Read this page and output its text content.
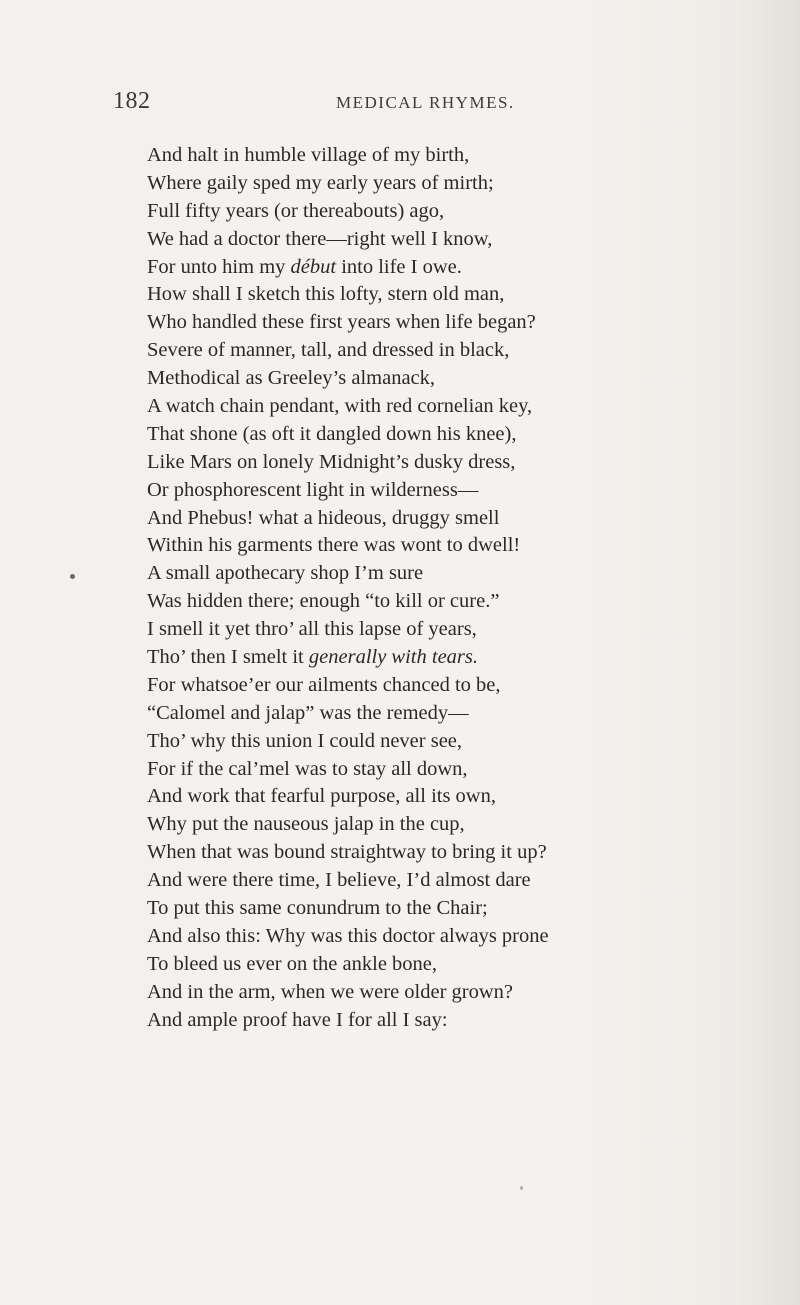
182	MEDICAL RHYMES.
And halt in humble village of my birth,
Where gaily sped my early years of mirth;
Full fifty years (or thereabouts) ago,
We had a doctor there—right well I know,
For unto him my début into life I owe.
How shall I sketch this lofty, stern old man,
Who handled these first years when life began?
Severe of manner, tall, and dressed in black,
Methodical as Greeley’s almanack,
A watch chain pendant, with red cornelian key,
That shone (as oft it dangled down his knee),
Like Mars on lonely Midnight’s dusky dress,
Or phosphorescent light in wilderness—
And Phebus! what a hideous, druggy smell
Within his garments there was wont to dwell!
A small apothecary shop I’m sure
Was hidden there; enough “to kill or cure.”
I smell it yet thro’ all this lapse of years,
Tho’ then I smelt it generally with tears.
For whatsoe’er our ailments chanced to be,
“Calomel and jalap” was the remedy—
Tho’ why this union I could never see,
For if the cal’mel was to stay all down,
And work that fearful purpose, all its own,
Why put the nauseous jalap in the cup,
When that was bound straightway to bring it up?
And were there time, I believe, I’d almost dare
To put this same conundrum to the Chair;
And also this: Why was this doctor always prone
To bleed us ever on the ankle bone,
And in the arm, when we were older grown?
And ample proof have I for all I say:
